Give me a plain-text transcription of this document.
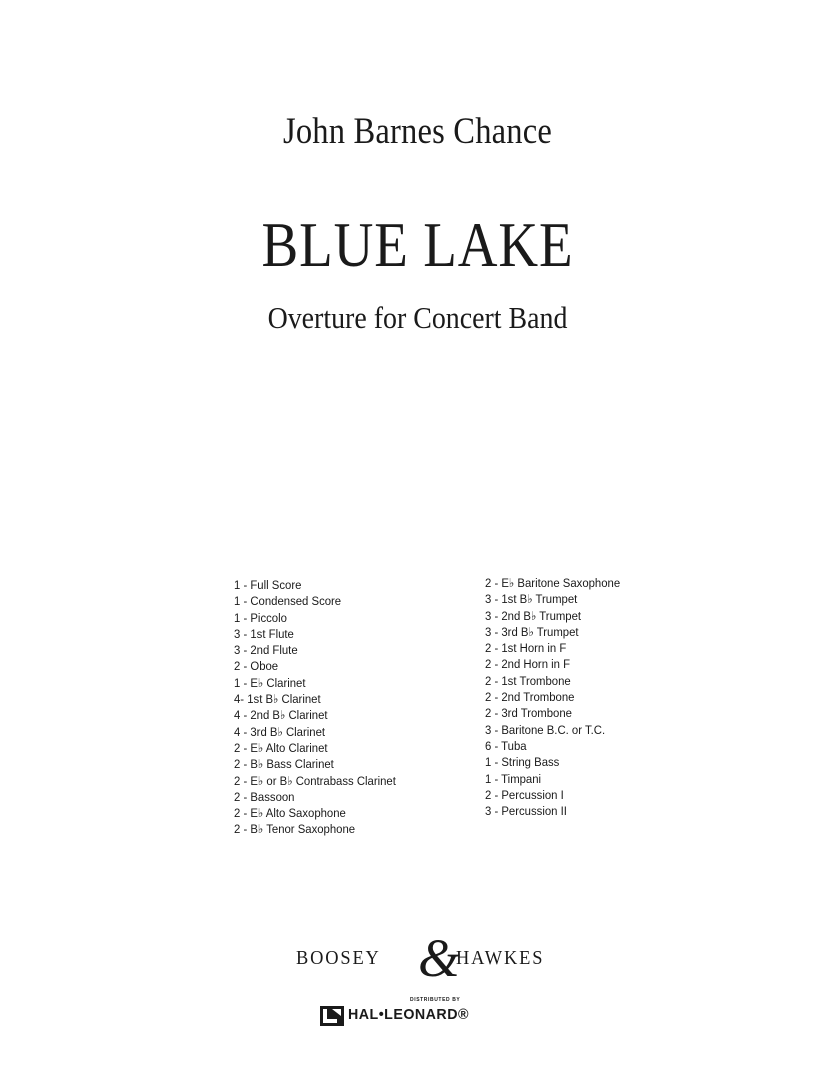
John Barnes Chance
BLUE LAKE
Overture for Concert Band
1 - Full Score
1 - Condensed Score
1 - Piccolo
3 - 1st Flute
3 - 2nd Flute
2 - Oboe
1 - E♭ Clarinet
4- 1st B♭ Clarinet
4 - 2nd B♭ Clarinet
4 - 3rd B♭ Clarinet
2 - E♭ Alto Clarinet
2 - B♭ Bass Clarinet
2 - E♭ or B♭ Contrabass Clarinet
2 - Bassoon
2 - E♭ Alto Saxophone
2 - B♭ Tenor Saxophone
2 - E♭ Baritone Saxophone
3 - 1st B♭ Trumpet
3 - 2nd B♭ Trumpet
3 - 3rd B♭ Trumpet
2 - 1st Horn in F
2 - 2nd Horn in F
2 - 1st Trombone
2 - 2nd Trombone
2 - 3rd Trombone
3 - Baritone B.C. or T.C.
6 - Tuba
1 - String Bass
1 - Timpani
2 - Percussion I
3 - Percussion II
BOOSEY &
HAWKES
DISTRIBUTED BY
HAL•LEONARD®
